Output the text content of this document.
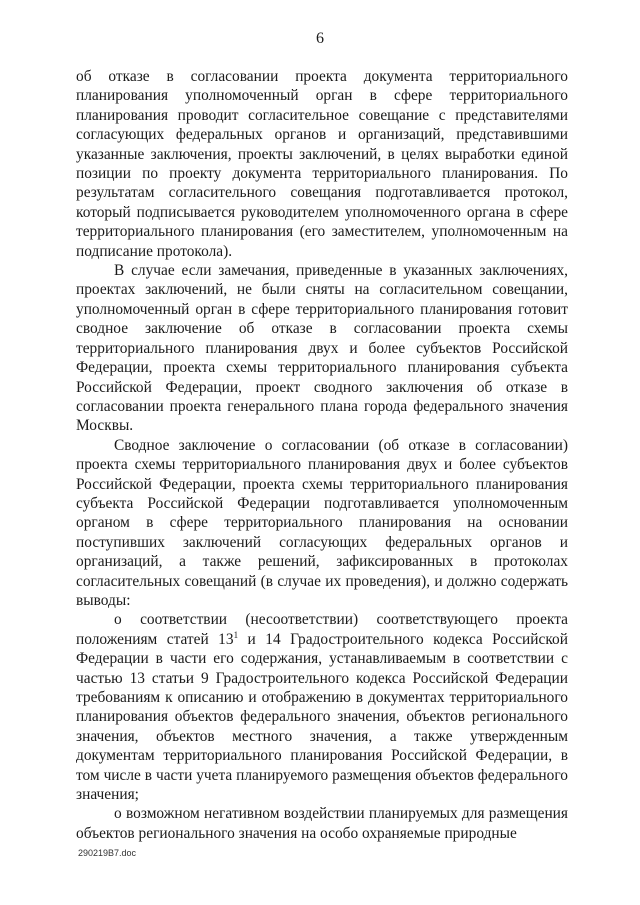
6

об отказе в согласовании проекта документа территориального планирования уполномоченный орган в сфере территориального планирования проводит согласительное совещание с представителями согласующих федеральных органов и организаций, представившими указанные заключения, проекты заключений, в целях выработки единой позиции по проекту документа территориального планирования. По результатам согласительного совещания подготавливается протокол, который подписывается руководителем уполномоченного органа в сфере территориального планирования (его заместителем, уполномоченным на подписание протокола).

В случае если замечания, приведенные в указанных заключениях, проектах заключений, не были сняты на согласительном совещании, уполномоченный орган в сфере территориального планирования готовит сводное заключение об отказе в согласовании проекта схемы территориального планирования двух и более субъектов Российской Федерации, проекта схемы территориального планирования субъекта Российской Федерации, проект сводного заключения об отказе в согласовании проекта генерального плана города федерального значения Москвы.

Сводное заключение о согласовании (об отказе в согласовании) проекта схемы территориального планирования двух и более субъектов Российской Федерации, проекта схемы территориального планирования субъекта Российской Федерации подготавливается уполномоченным органом в сфере территориального планирования на основании поступивших заключений согласующих федеральных органов и организаций, а также решений, зафиксированных в протоколах согласительных совещаний (в случае их проведения), и должно содержать выводы:

о соответствии (несоответствии) соответствующего проекта положениям статей $13^1$ и 14 Градостроительного кодекса Российской Федерации в части его содержания, устанавливаемым в соответствии с частью 13 статьи 9 Градостроительного кодекса Российской Федерации требованиям к описанию и отображению в документах территориального планирования объектов федерального значения, объектов регионального значения, объектов местного значения, а также утвержденным документам территориального планирования Российской Федерации, в том числе в части учета планируемого размещения объектов федерального значения;

о возможном негативном воздействии планируемых для размещения объектов регионального значения на особо охраняемые природные

290219В7.doc
